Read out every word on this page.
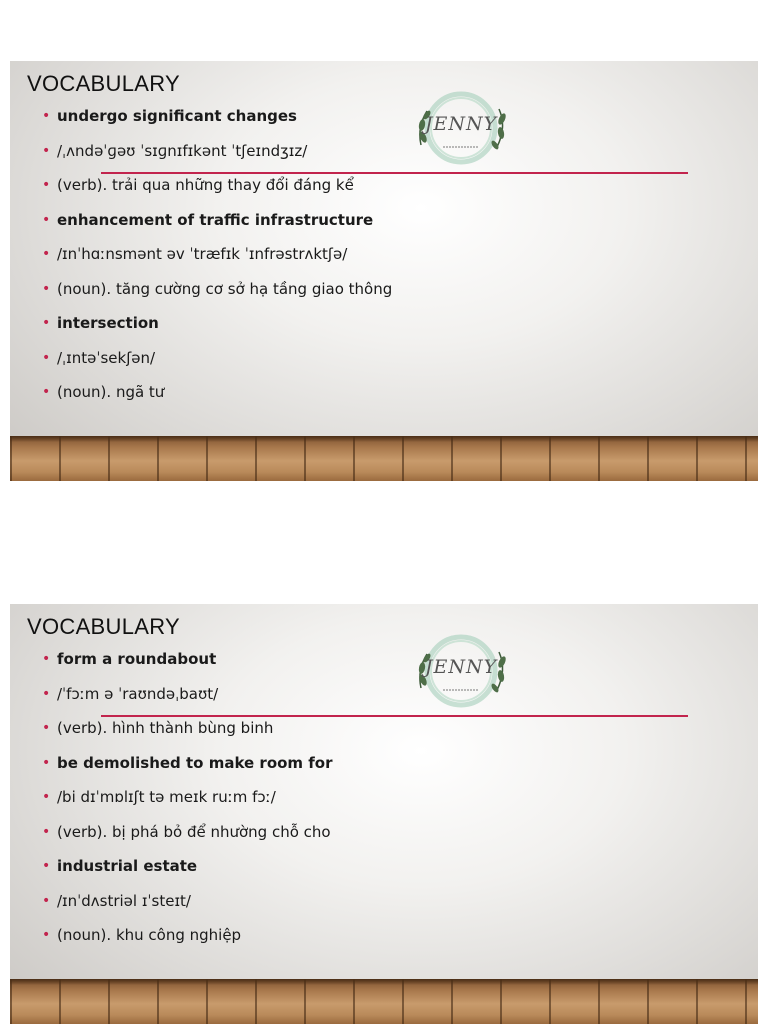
VOCABULARY
JENNY
• undergo significant changes
• /ˌʌndəˈɡəʊ ˈsɪɡnɪfɪkənt ˈtʃeɪndʒɪz/
• (verb). trải qua những thay đổi đáng kể
• enhancement of traffic infrastructure
• /ɪnˈhɑːnsmənt əv ˈtræfɪk ˈɪnfrəstrʌktʃə/
• (noun). tăng cường cơ sở hạ tầng giao thông
• intersection
• /ˌɪntəˈsekʃən/
• (noun). ngã tư
VOCABULARY
JENNY
• form a roundabout
• /ˈfɔːm ə ˈraʊndəˌbaʊt/
• (verb). hình thành bùng binh
• be demolished to make room for
• /bi dɪˈmɒlɪʃt tə meɪk ruːm fɔː/
• (verb). bị phá bỏ để nhường chỗ cho
• industrial estate
• /ɪnˈdʌstriəl ɪˈsteɪt/
• (noun). khu công nghiệp
